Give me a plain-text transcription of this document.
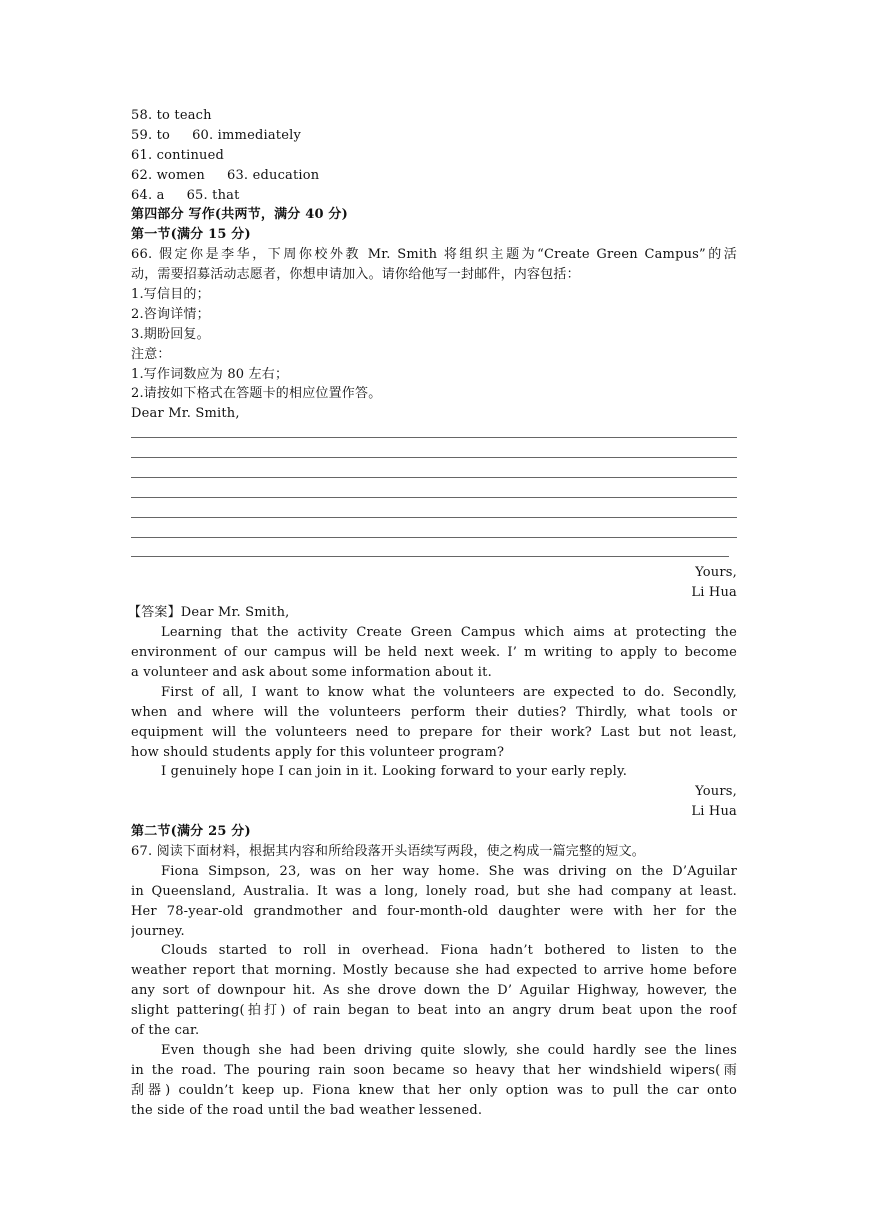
58. to teach
59. to 60. immediately
61. continued
62. women 63. education
64. a 65. that
第四部分 写作(共两节，满分 40 分)
第一节(满分 15 分)
66. 假定你是李华，下周你校外教 Mr. Smith 将组织主题为“Create Green Campus”的活
动，需要招募活动志愿者，你想申请加入。请你给他写一封邮件，内容包括：
1.写信目的；
2.咨询详情；
3.期盼回复。
注意：
1.写作词数应为 80 左右；
2.请按如下格式在答题卡的相应位置作答。
Dear Mr. Smith,
Yours,
Li Hua
【答案】Dear Mr. Smith,
Learning that the activity Create Green Campus which aims at protecting the
environment of our campus will be held next week. I’ m writing to apply to become
a volunteer and ask about some information about it.
First of all, I want to know what the volunteers are expected to do. Secondly,
when and where will the volunteers perform their duties? Thirdly, what tools or
equipment will the volunteers need to prepare for their work? Last but not least,
how should students apply for this volunteer program?
I genuinely hope I can join in it. Looking forward to your early reply.
Yours,
Li Hua
第二节(满分 25 分)
67. 阅读下面材料，根据其内容和所给段落开头语续写两段，使之构成一篇完整的短文。
Fiona Simpson, 23, was on her way home. She was driving on the D’Aguilar
in Queensland, Australia. It was a long, lonely road, but she had company at least.
Her 78-year-old grandmother and four-month-old daughter were with her for the
journey.
Clouds started to roll in overhead. Fiona hadn’t bothered to listen to the
weather report that morning. Mostly because she had expected to arrive home before
any sort of downpour hit. As she drove down the D’ Aguilar Highway, however, the
slight pattering(拍打) of rain began to beat into an angry drum beat upon the roof
of the car.
Even though she had been driving quite slowly, she could hardly see the lines
in the road. The pouring rain soon became so heavy that her windshield wipers(雨
刮器) couldn’t keep up. Fiona knew that her only option was to pull the car onto
the side of the road until the bad weather lessened.
